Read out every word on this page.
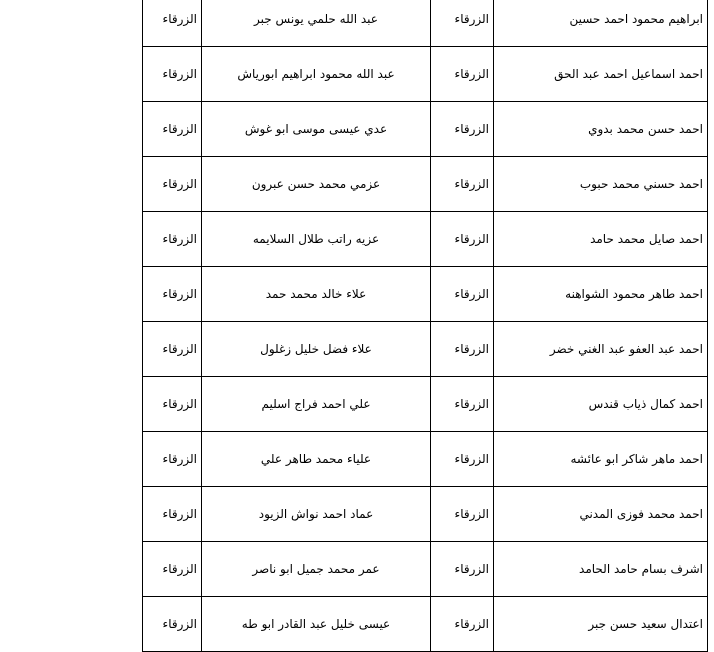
ابراهيم محمود احمد حسين	الزرقاء	عبد الله حلمي يونس جبر	الزرقاء
احمد اسماعيل احمد عبد الحق	الزرقاء	عبد الله محمود ابراهيم ابورياش	الزرقاء
احمد حسن محمد بدوي	الزرقاء	عدي عيسى موسى ابو غوش	الزرقاء
احمد حسني محمد حبوب	الزرقاء	عزمي محمد حسن عبرون	الزرقاء
احمد صايل محمد حامد	الزرقاء	عزيه راتب طلال السلايمه	الزرقاء
احمد طاهر محمود الشواهنه	الزرقاء	علاء خالد محمد حمد	الزرقاء
احمد عبد العفو عبد الغني خضر	الزرقاء	علاء فضل خليل زغلول	الزرقاء
احمد كمال ذياب قندس	الزرقاء	علي احمد فراج اسليم	الزرقاء
احمد ماهر شاكر ابو عائشه	الزرقاء	علياء محمد طاهر علي	الزرقاء
احمد محمد فوزى المدني	الزرقاء	عماد احمد نواش الزيود	الزرقاء
اشرف بسام حامد الحامد	الزرقاء	عمر محمد جميل ابو ناصر	الزرقاء
اعتدال سعيد حسن جبر	الزرقاء	عيسى خليل عبد القادر ابو طه	الزرقاء
